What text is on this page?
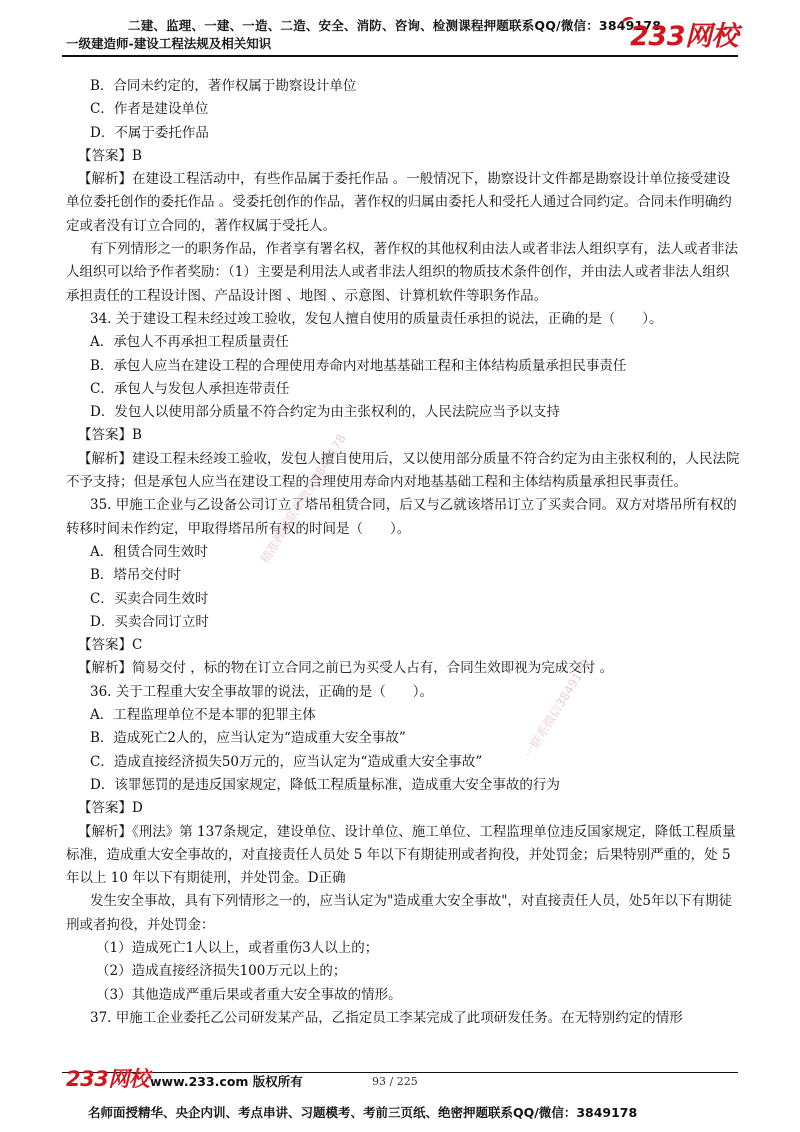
二建、监理、一建、一造、二造、安全、消防、咨询、检测课程押题联系QQ/微信：3849178
一级建造师-建设工程法规及相关知识	233网校

B．合同未约定的，著作权属于勘察设计单位

C．作者是建设单位

D．不属于委托作品

【答案】B

【解析】在建设工程活动中，有些作品属于委托作品 。一般情况下，勘察设计文件都是勘察设计单位接受建设单位委托创作的委托作品 。受委托创作的作品，著作权的归属由委托人和受托人通过合同约定。合同未作明确约定或者没有订立合同的，著作权属于受托人。

有下列情形之一的职务作品，作者享有署名权，著作权的其他权利由法人或者非法人组织享有，法人或者非法人组织可以给予作者奖励：（1）主要是利用法人或者非法人组织的物质技术条件创作，并由法人或者非法人组织承担责任的工程设计图、产品设计图 、地图 、示意图、计算机软件等职务作品。

34. 关于建设工程未经过竣工验收，发包人擅自使用的质量责任承担的说法，正确的是（　　）。

A．承包人不再承担工程质量责任

B．承包人应当在建设工程的合理使用寿命内对地基基础工程和主体结构质量承担民事责任

C．承包人与发包人承担连带责任

D．发包人以使用部分质量不符合约定为由主张权利的，人民法院应当予以支持

【答案】B

【解析】建设工程未经竣工验收，发包人擅自使用后，又以使用部分质量不符合约定为由主张权利的，人民法院不予支持；但是承包人应当在建设工程的合理使用寿命内对地基基础工程和主体结构质量承担民事责任。

35. 甲施工企业与乙设备公司订立了塔吊租赁合同，后又与乙就该塔吊订立了买卖合同。双方对塔吊所有权的转移时间未作约定，甲取得塔吊所有权的时间是（　　）。

A．租赁合同生效时

B．塔吊交付时

C．买卖合同生效时

D．买卖合同订立时

【答案】C

【解析】简易交付 ，标的物在订立合同之前已为买受人占有，合同生效即视为完成交付 。

36. 关于工程重大安全事故罪的说法，正确的是（　　）。

A．工程监理单位不是本罪的犯罪主体

B．造成死亡2人的，应当认定为“造成重大安全事故”

C．造成直接经济损失50万元的，应当认定为“造成重大安全事故”

D．该罪惩罚的是违反国家规定，降低工程质量标准，造成重大安全事故的行为

【答案】D

【解析】《刑法》第 137条规定，建设单位、设计单位、施工单位、工程监理单位违反国家规定，降低工程质量标准，造成重大安全事故的，对直接责任人员处 5 年以下有期徒刑或者拘役，并处罚金；后果特别严重的，处 5 年以上 10 年以下有期徒刑，并处罚金。D正确

发生安全事故，具有下列情形之一的，应当认定为"造成重大安全事故"，对直接责任人员，处5年以下有期徒刑或者拘役，并处罚金：

（1）造成死亡1人以上，或者重伤3人以上的；

（2）造成直接经济损失100万元以上的；

（3）其他造成严重后果或者重大安全事故的情形。

37. 甲施工企业委托乙公司研发某产品，乙指定员工李某完成了此项研发任务。在无特别约定的情形

精准押题联系微信3849178
一联系微信3849178
233网校 www.233.com 版权所有	93 / 225
名师面授精华、央企内训、考点串讲、习题模考、考前三页纸、绝密押题联系QQ/微信：3849178
